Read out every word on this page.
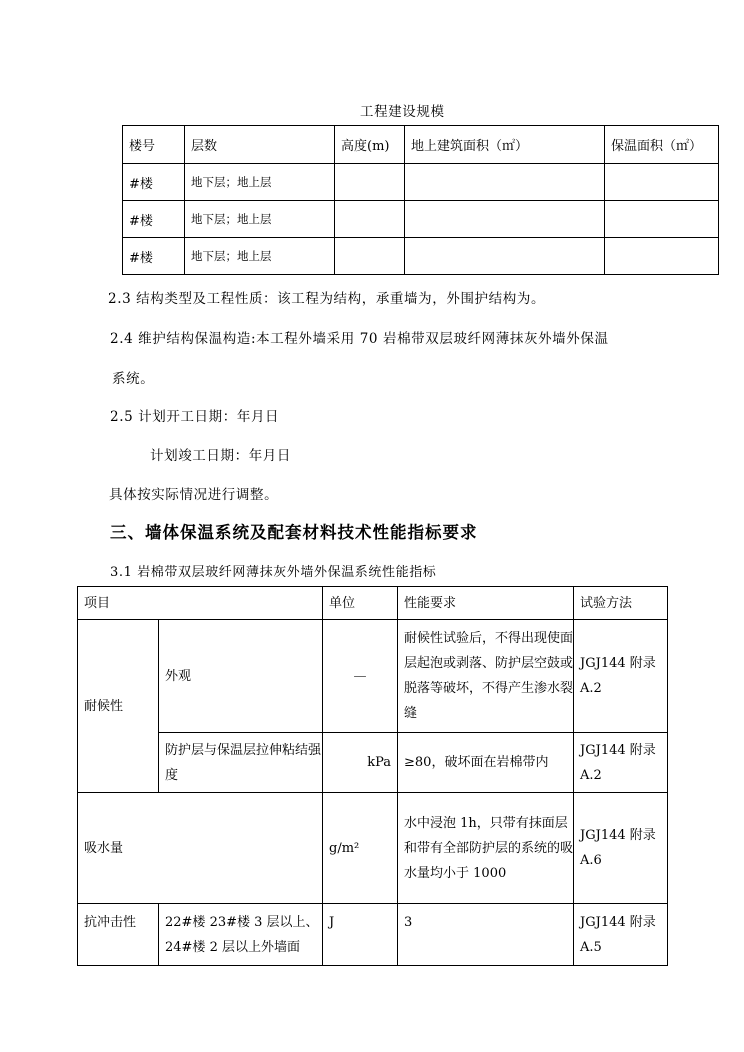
工程建设规模
楼号	层数	高度(m)	地上建筑面积（㎡）	保温面积（㎡）
#楼	地下层；地上层			
#楼	地下层；地上层			
#楼	地下层；地上层			
2.3 结构类型及工程性质：该工程为结构，承重墙为，外围护结构为。
2.4 维护结构保温构造:本工程外墙采用 70 岩棉带双层玻纤网薄抹灰外墙外保温
系统。
2.5 计划开工日期：年月日
计划竣工日期：年月日
具体按实际情况进行调整。
三、墙体保温系统及配套材料技术性能指标要求
3.1 岩棉带双层玻纤网薄抹灰外墙外保温系统性能指标
项目		单位	性能要求	试验方法
耐候性	外观	—	耐候性试验后，不得出现使面层起泡或剥落、防护层空鼓或脱落等破坏，不得产生渗水裂缝	JGJ144 附录 A.2
	防护层与保温层拉伸粘结强度	kPa	≥80，破坏面在岩棉带内	JGJ144 附录 A.2
吸水量		g/m²	水中浸泡 1h，只带有抹面层和带有全部防护层的系统的吸水量均小于 1000	JGJ144 附录 A.6
抗冲击性	22#楼 23#楼 3 层以上、24#楼 2 层以上外墙面	J	3	JGJ144 附录 A.5
